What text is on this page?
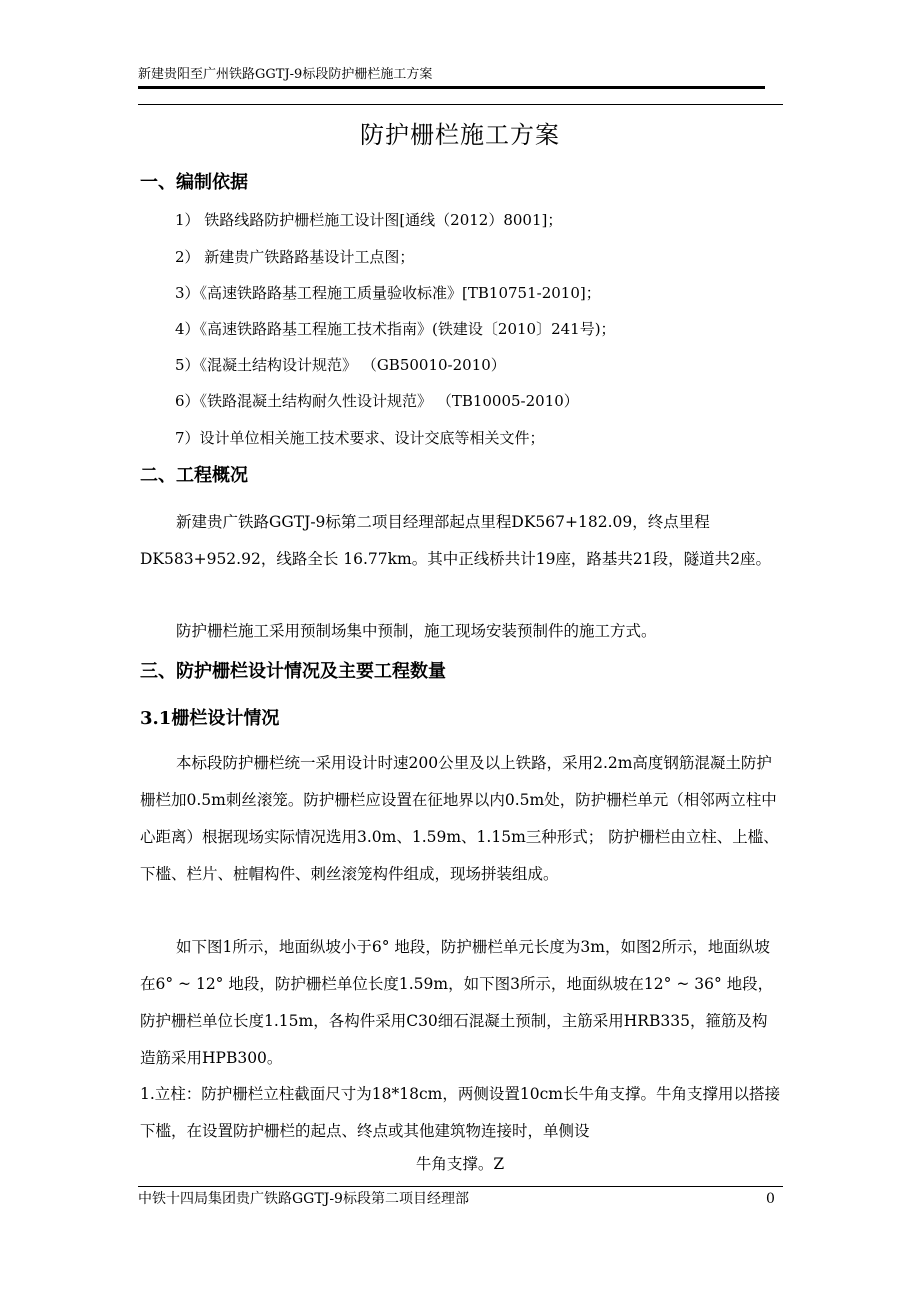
新建贵阳至广州铁路GGTJ-9标段防护栅栏施工方案
防护栅栏施工方案
一、编制依据
1） 铁路线路防护栅栏施工设计图[通线（2012）8001]；
2） 新建贵广铁路路基设计工点图；
3）《高速铁路路基工程施工质量验收标准》[TB10751-2010]；
4）《高速铁路路基工程施工技术指南》(铁建设〔2010〕241号)；
5）《混凝土结构设计规范》 （GB50010-2010）
6）《铁路混凝土结构耐久性设计规范》 （TB10005-2010）
7）设计单位相关施工技术要求、设计交底等相关文件；
二、工程概况
新建贵广铁路GGTJ-9标第二项目经理部起点里程DK567+182.09，终点里程DK583+952.92，线路全长 16.77km。其中正线桥共计19座，路基共21段，隧道共2座。
防护栅栏施工采用预制场集中预制，施工现场安装预制件的施工方式。
三、防护栅栏设计情况及主要工程数量
3.1栅栏设计情况
本标段防护栅栏统一采用设计时速200公里及以上铁路，采用2.2m高度钢筋混凝土防护栅栏加0.5m刺丝滚笼。防护栅栏应设置在征地界以内0.5m处，防护栅栏单元（相邻两立柱中心距离）根据现场实际情况选用3.0m、1.59m、1.15m三种形式； 防护栅栏由立柱、上槛、下槛、栏片、桩帽构件、刺丝滚笼构件组成，现场拼装组成。
如下图1所示，地面纵坡小于6° 地段，防护栅栏单元长度为3m，如图2所示，地面纵坡在6° ~ 12° 地段，防护栅栏单位长度1.59m，如下图3所示，地面纵坡在12° ~ 36° 地段，防护栅栏单位长度1.15m，各构件采用C30细石混凝土预制，主筋采用HRB335，箍筋及构造筋采用HPB300。
1.立柱：防护栅栏立柱截面尺寸为18*18cm，两侧设置10cm长牛角支撑。牛角支撑用以搭接下槛，在设置防护栅栏的起点、终点或其他建筑物连接时，单侧设
牛角支撑。Z
中铁十四局集团贵广铁路GGTJ-9标段第二项目经理部	0
